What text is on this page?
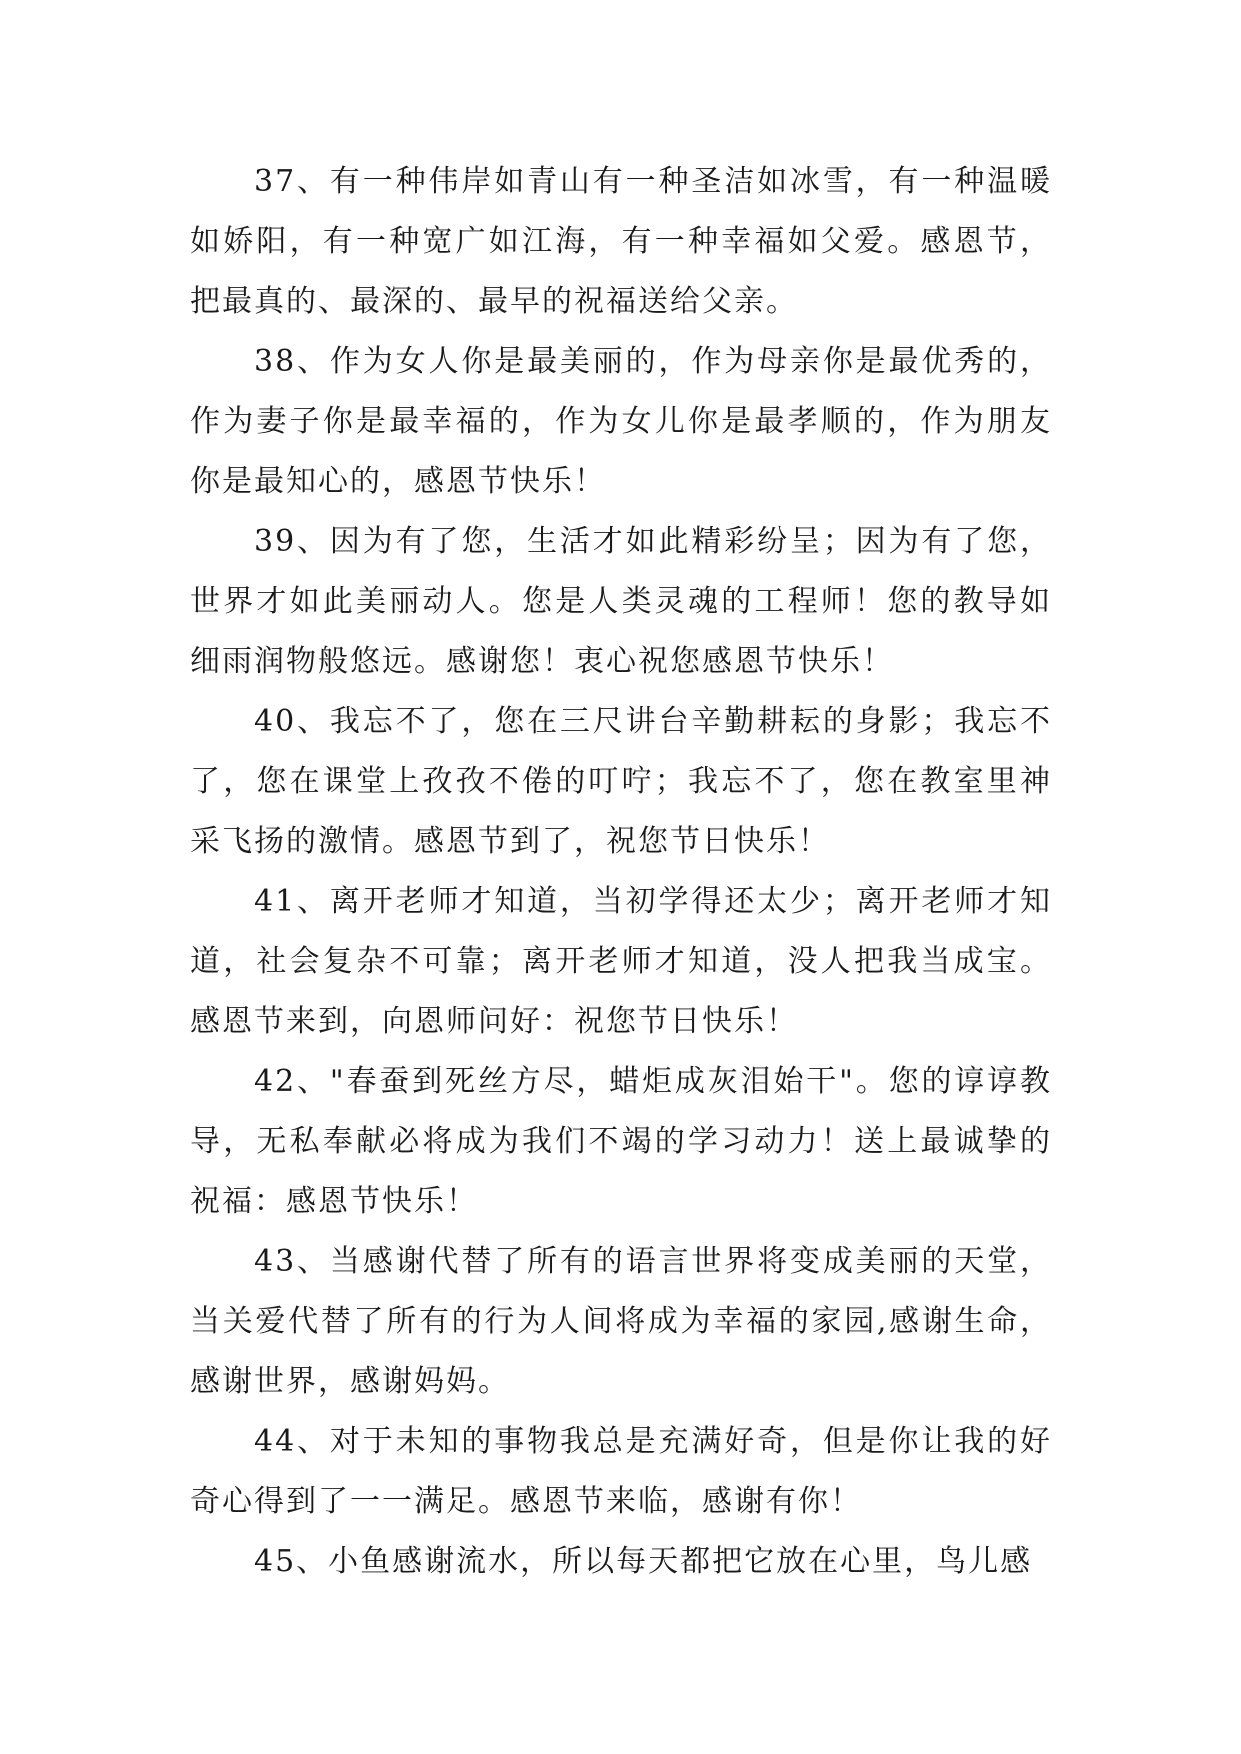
37、有一种伟岸如青山有一种圣洁如冰雪，有一种温暖如娇阳，有一种宽广如江海，有一种幸福如父爱。感恩节，把最真的、最深的、最早的祝福送给父亲。

38、作为女人你是最美丽的，作为母亲你是最优秀的，作为妻子你是最幸福的，作为女儿你是最孝顺的，作为朋友你是最知心的，感恩节快乐！

39、因为有了您，生活才如此精彩纷呈；因为有了您，世界才如此美丽动人。您是人类灵魂的工程师！您的教导如细雨润物般悠远。感谢您！衷心祝您感恩节快乐！

40、我忘不了，您在三尺讲台辛勤耕耘的身影；我忘不了，您在课堂上孜孜不倦的叮咛；我忘不了，您在教室里神采飞扬的激情。感恩节到了，祝您节日快乐！

41、离开老师才知道，当初学得还太少；离开老师才知道，社会复杂不可靠；离开老师才知道，没人把我当成宝。感恩节来到，向恩师问好：祝您节日快乐！

42、"春蚕到死丝方尽，蜡炬成灰泪始干"。您的谆谆教导，无私奉献必将成为我们不竭的学习动力！送上最诚挚的祝福：感恩节快乐！

43、当感谢代替了所有的语言世界将变成美丽的天堂，当关爱代替了所有的行为人间将成为幸福的家园,感谢生命，感谢世界，感谢妈妈。

44、对于未知的事物我总是充满好奇，但是你让我的好奇心得到了一一满足。感恩节来临，感谢有你！

45、小鱼感谢流水，所以每天都把它放在心里，鸟儿感
